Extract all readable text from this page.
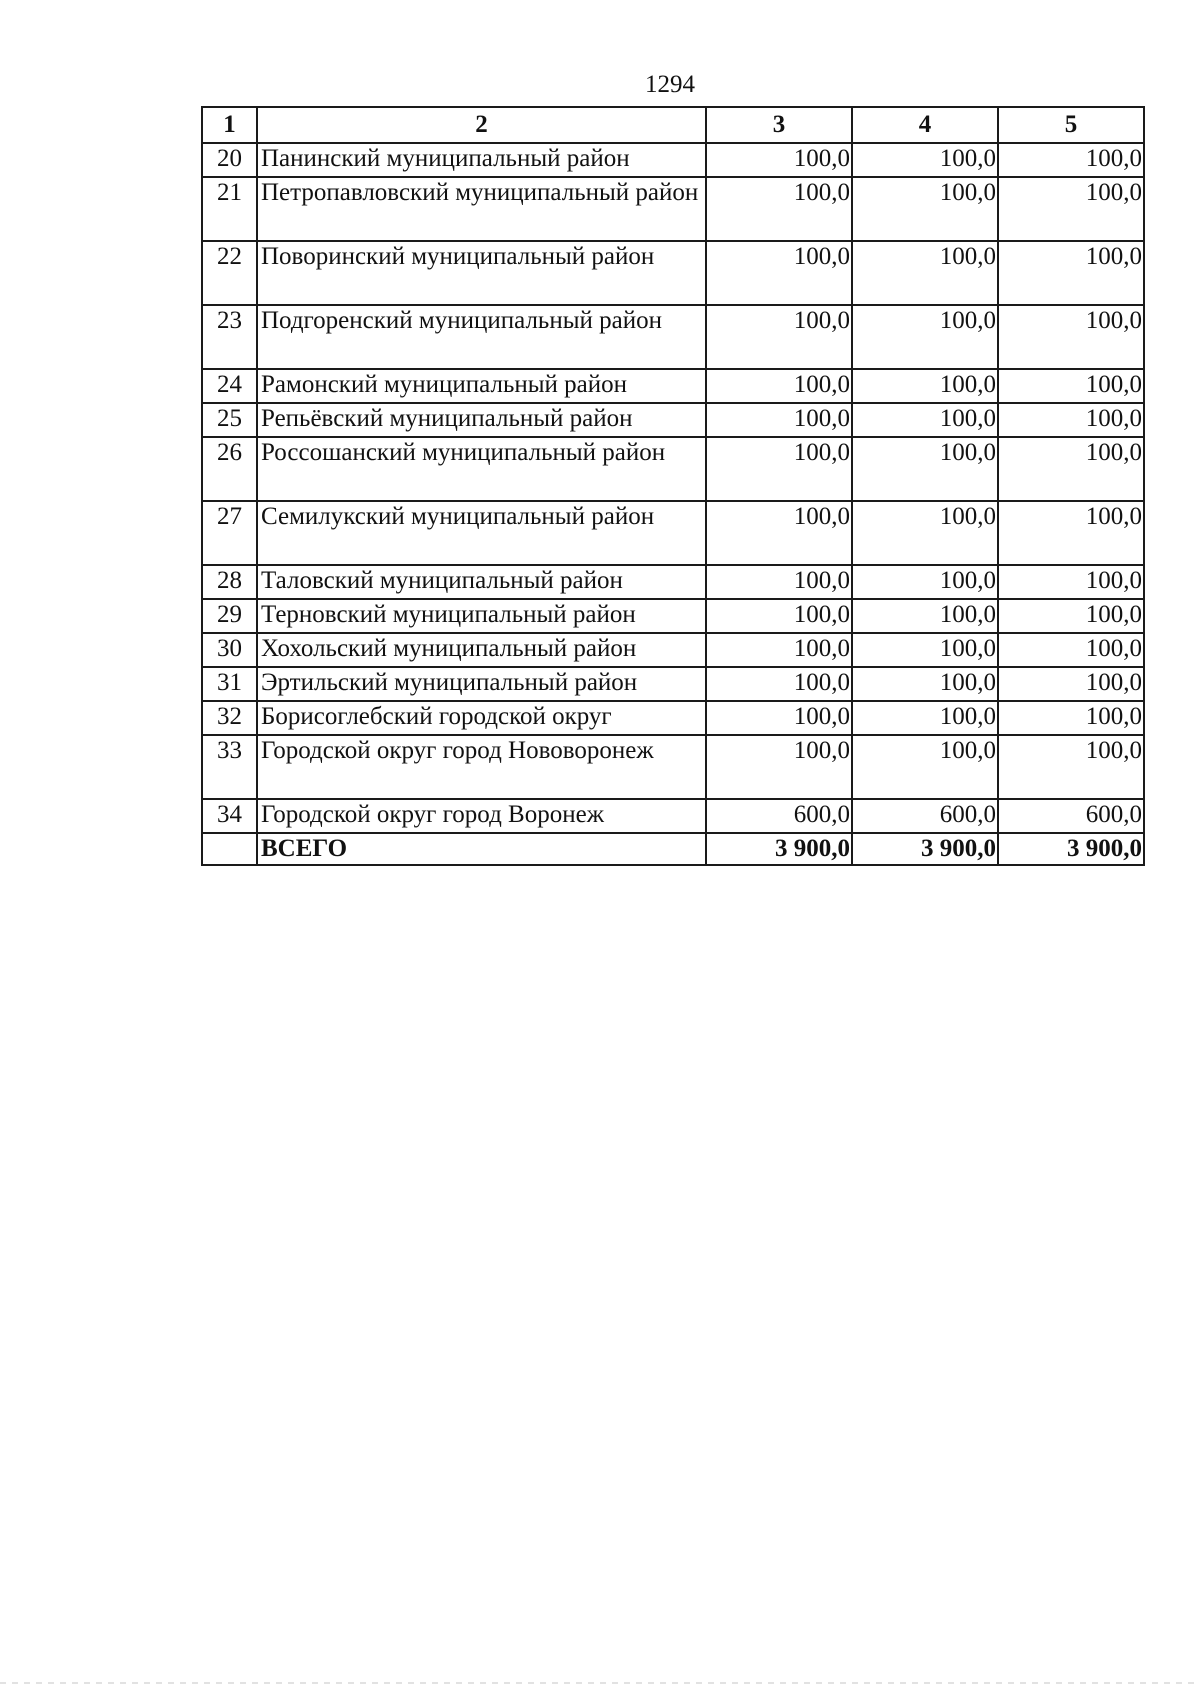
1294
1	2	3	4	5
20	Панинский муниципальный район	100,0	100,0	100,0
21	Петропавловский муниципальный район	100,0	100,0	100,0
22	Поворинский муниципальный район	100,0	100,0	100,0
23	Подгоренский муниципальный район	100,0	100,0	100,0
24	Рамонский муниципальный район	100,0	100,0	100,0
25	Репьёвский муниципальный район	100,0	100,0	100,0
26	Россошанский муниципальный район	100,0	100,0	100,0
27	Семилукский муниципальный район	100,0	100,0	100,0
28	Таловский муниципальный район	100,0	100,0	100,0
29	Терновский муниципальный район	100,0	100,0	100,0
30	Хохольский муниципальный район	100,0	100,0	100,0
31	Эртильский муниципальный район	100,0	100,0	100,0
32	Борисоглебский городской округ	100,0	100,0	100,0
33	Городской округ город Нововоронеж	100,0	100,0	100,0
34	Городской округ город Воронеж	600,0	600,0	600,0
	ВСЕГО	3 900,0	3 900,0	3 900,0
